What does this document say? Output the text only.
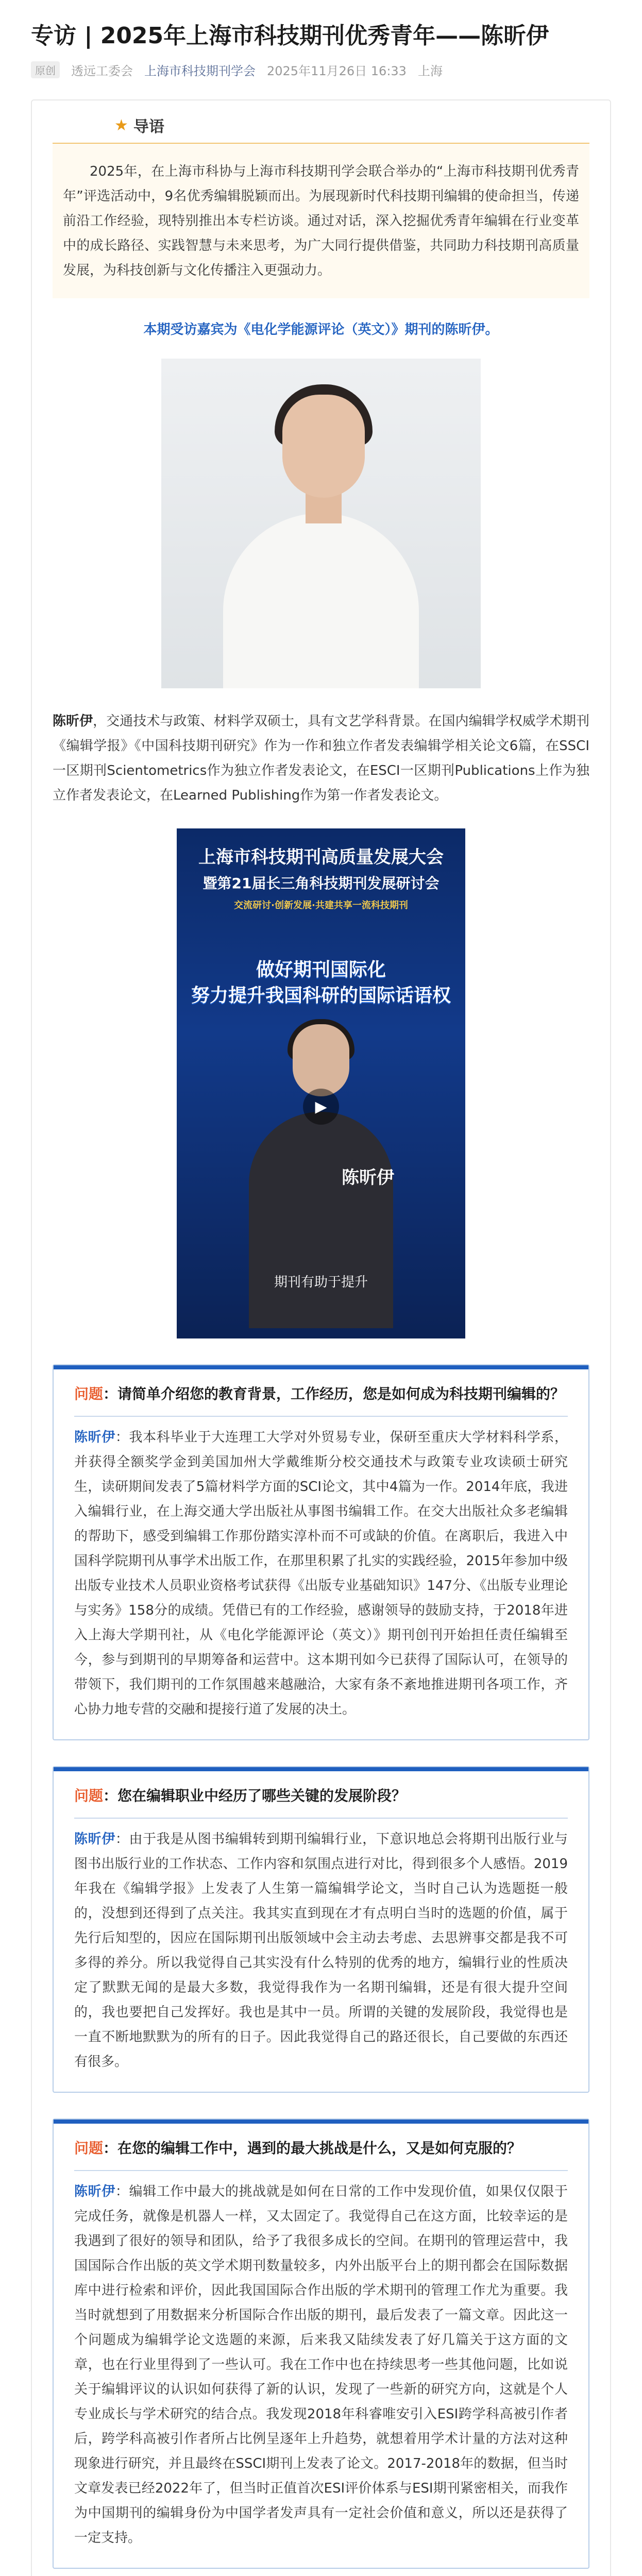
专访 | 2025年上海市科技期刊优秀青年——陈昕伊
原创	透远工委会 上海市科技期刊学会 2025年11月26日 16:33 上海
★ 导语

2025年，在上海市科协与上海市科技期刊学会联合举办的“上海市科技期刊优秀青年”评选活动中，9名优秀编辑脱颖而出。为展现新时代科技期刊编辑的使命担当，传递前沿工作经验，现特别推出本专栏访谈。通过对话，深入挖掘优秀青年编辑在行业变革中的成长路径、实践智慧与未来思考，为广大同行提供借鉴，共同助力科技期刊高质量发展，为科技创新与文化传播注入更强动力。

本期受访嘉宾为《电化学能源评论（英文）》期刊的陈昕伊。

陈昕伊，交通技术与政策、材料学双硕士，具有文艺学科背景。在国内编辑学权威学术期刊《编辑学报》《中国科技期刊研究》作为一作和独立作者发表编辑学相关论文6篇，在SSCI一区期刊Scientometrics作为独立作者发表论文，在ESCI一区期刊Publications上作为独立作者发表论文，在Learned Publishing作为第一作者发表论文。

上海市科技期刊高质量发展大会
暨第21届长三角科技期刊发展研讨会
交流研讨·创新发展·共建共享一流科技期刊
做好期刊国际化
努力提升我国科研的国际话语权
▶
陈昕伊
期刊有助于提升
问题：请简单介绍您的教育背景，工作经历，您是如何成为科技期刊编辑的？

陈昕伊：我本科毕业于大连理工大学对外贸易专业，保研至重庆大学材料科学系，并获得全额奖学金到美国加州大学戴维斯分校交通技术与政策专业攻读硕士研究生，读研期间发表了5篇材料学方面的SCI论文，其中4篇为一作。2014年底，我进入编辑行业，在上海交通大学出版社从事图书编辑工作。在交大出版社众多老编辑的帮助下，感受到编辑工作那份踏实淳朴而不可或缺的价值。在离职后，我进入中国科学院期刊从事学术出版工作，在那里积累了扎实的实践经验，2015年参加中级出版专业技术人员职业资格考试获得《出版专业基础知识》147分、《出版专业理论与实务》158分的成绩。凭借已有的工作经验，感谢领导的鼓励支持，于2018年进入上海大学期刊社，从《电化学能源评论（英文）》期刊创刊开始担任责任编辑至今，参与到期刊的早期筹备和运营中。这本期刊如今已获得了国际认可，在领导的带领下，我们期刊的工作氛围越来越融洽，大家有条不紊地推进期刊各项工作，齐心协力地专营的交融和提接行道了发展的决土。

问题：您在编辑职业中经历了哪些关键的发展阶段？

陈昕伊：由于我是从图书编辑转到期刊编辑行业，下意识地总会将期刊出版行业与图书出版行业的工作状态、工作内容和氛围点进行对比，得到很多个人感悟。2019年我在《编辑学报》上发表了人生第一篇编辑学论文，当时自己认为选题挺一般的，没想到还得到了点关注。我其实直到现在才有点明白当时的选题的价值，属于先行后知型的，因应在国际期刊出版领域中会主动去考虑、去思辨事交都是我不可多得的养分。所以我觉得自己其实没有什么特别的优秀的地方，编辑行业的性质决定了默默无闻的是最大多数，我觉得我作为一名期刊编辑，还是有很大提升空间的，我也要把自己发挥好。我也是其中一员。所谓的关键的发展阶段，我觉得也是一直不断地默默为的所有的日子。因此我觉得自己的路还很长，自己要做的东西还有很多。

问题：在您的编辑工作中，遇到的最大挑战是什么，又是如何克服的？

陈昕伊：编辑工作中最大的挑战就是如何在日常的工作中发现价值，如果仅仅限于完成任务，就像是机器人一样，又太固定了。我觉得自己在这方面，比较幸运的是我遇到了很好的领导和团队，给予了我很多成长的空间。在期刊的管理运营中，我国国际合作出版的英文学术期刊数量较多，内外出版平台上的期刊都会在国际数据库中进行检索和评价，因此我国国际合作出版的学术期刊的管理工作尤为重要。我当时就想到了用数据来分析国际合作出版的期刊，最后发表了一篇文章。因此这一个问题成为编辑学论文选题的来源，后来我又陆续发表了好几篇关于这方面的文章，也在行业里得到了一些认可。我在工作中也在持续思考一些其他问题，比如说关于编辑评议的认识如何获得了新的认识，发现了一些新的研究方向，这就是个人专业成长与学术研究的结合点。我发现2018年科睿唯安引入ESI跨学科高被引作者后，跨学科高被引作者所占比例呈逐年上升趋势，就想着用学术计量的方法对这种现象进行研究，并且最终在SSCI期刊上发表了论文。2017-2018年的数据，但当时文章发表已经2022年了，但当时正值首次ESI评价体系与ESI期刊紧密相关，而我作为中国期刊的编辑身份为中国学者发声具有一定社会价值和意义，所以还是获得了一定支持。
